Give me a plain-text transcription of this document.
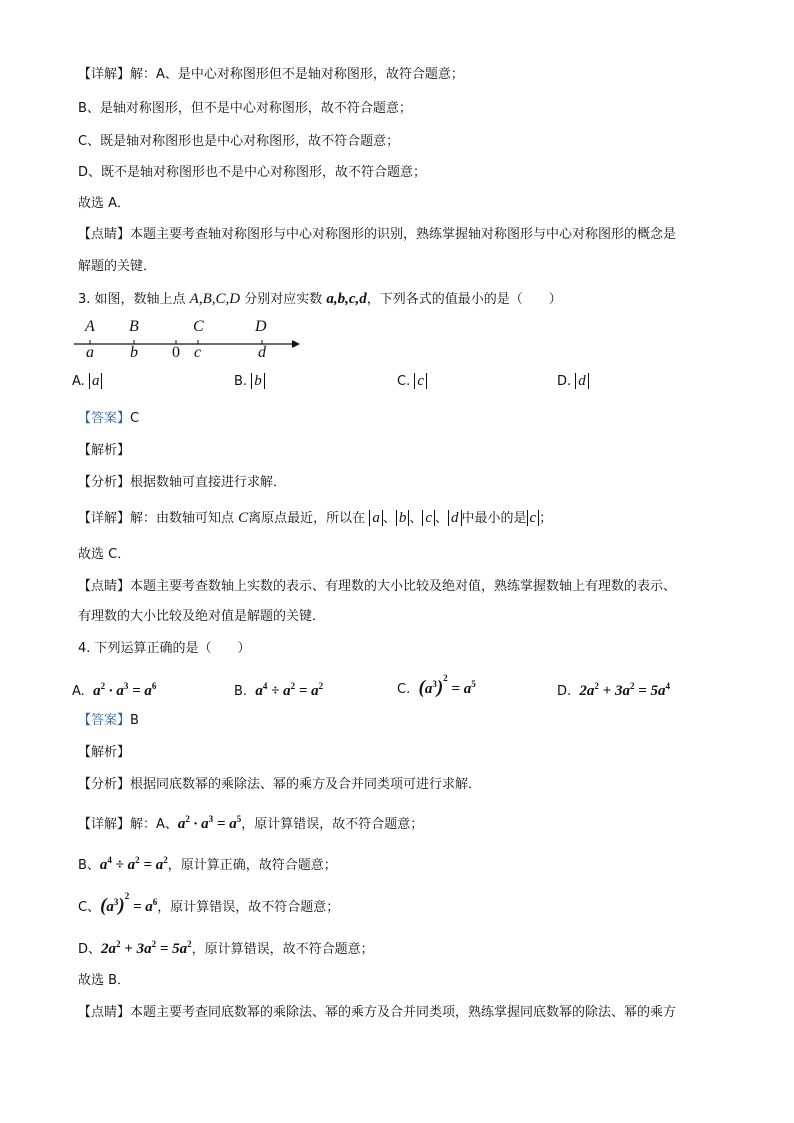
【详解】解：A、是中心对称图形但不是轴对称图形，故符合题意；
B、是轴对称图形，但不是中心对称图形，故不符合题意；
C、既是轴对称图形也是中心对称图形，故不符合题意；
D、既不是轴对称图形也不是中心对称图形，故不符合题意；
故选 A．
【点睛】本题主要考查轴对称图形与中心对称图形的识别，熟练掌握轴对称图形与中心对称图形的概念是
解题的关键．
3. 如图，数轴上点 A,B,C,D 分别对应实数 a,b,c,d，下列各式的值最小的是（　　）
A B	C	D
a b 0 c	d
A. a	B. b	C. c	D. d
【答案】C
【解析】
【分析】根据数轴可直接进行求解．
【详解】解：由数轴可知点 C离原点最近，所以在 a 、 b 、 c 、 d 中最小的是 c ；
故选 C．
【点睛】本题主要考查数轴上实数的表示、有理数的大小比较及绝对值，熟练掌握数轴上有理数的表示、
有理数的大小比较及绝对值是解题的关键．
4. 下列运算正确的是（　　）
A. $a^2 \cdot a^3 = a^6$	B. $a^4 \div a^2 = a^2$	C. $(a^3)^2 = a^5$	D. $2a^2 + 3a^2 = 5a^4$
【答案】B
【解析】
【分析】根据同底数幂的乘除法、幂的乘方及合并同类项可进行求解．
【详解】解：A、$a^2 \cdot a^3 = a^5$，原计算错误，故不符合题意；
B、$a^4 \div a^2 = a^2$，原计算正确，故符合题意；
C、$(a^3)^2 = a^6$，原计算错误，故不符合题意；
D、$2a^2 + 3a^2 = 5a^2$，原计算错误，故不符合题意；
故选 B．
【点睛】本题主要考查同底数幂的乘除法、幂的乘方及合并同类项，熟练掌握同底数幂的除法、幂的乘方
